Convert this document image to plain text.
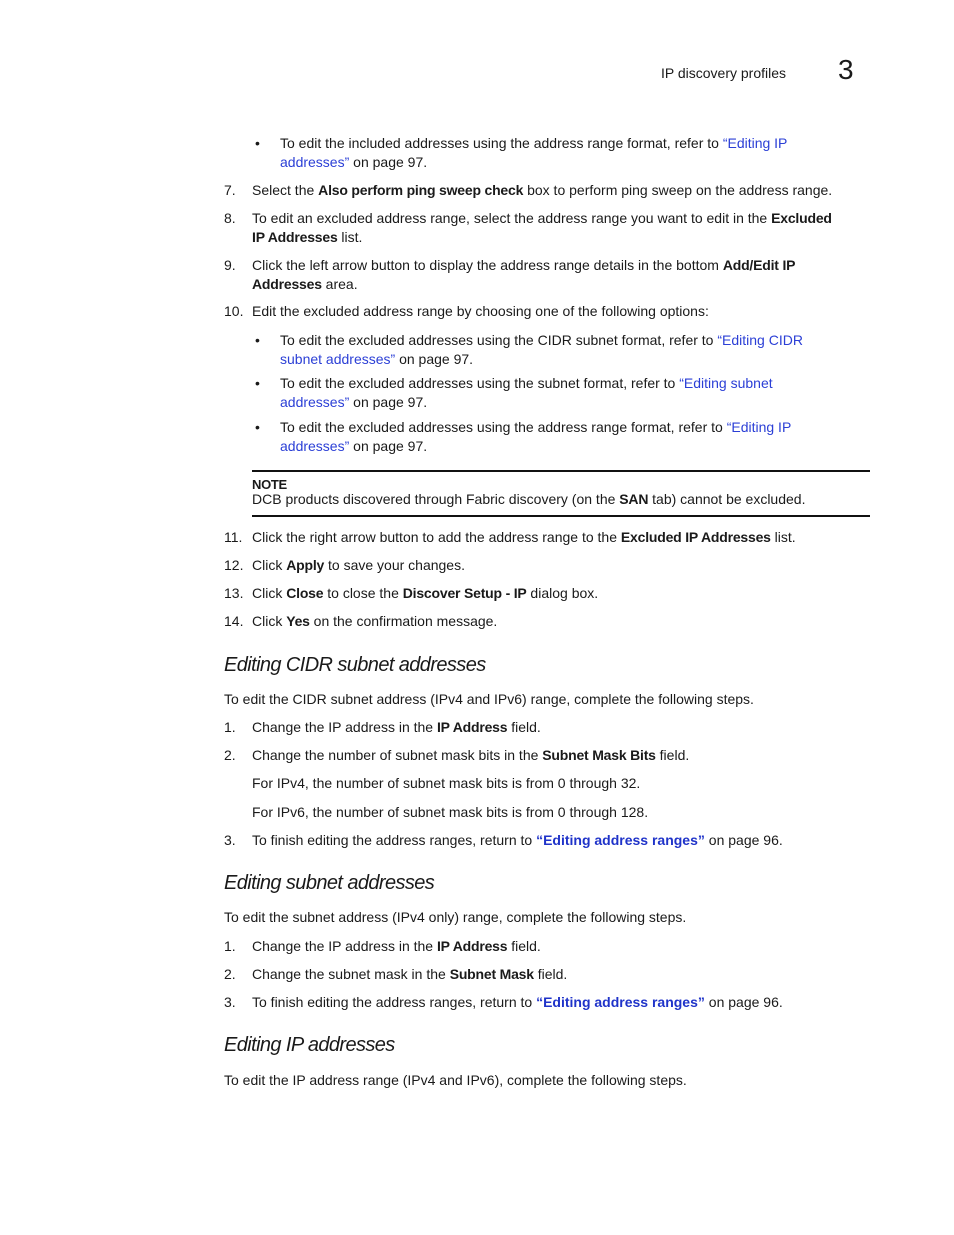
IP discovery profiles 3
• To edit the included addresses using the address range format, refer to “Editing IP
addresses” on page 97.
7. Select the Also perform ping sweep check box to perform ping sweep on the address range.
8. To edit an excluded address range, select the address range you want to edit in the Excluded
IP Addresses list.
9. Click the left arrow button to display the address range details in the bottom Add/Edit IP
Addresses area.
10. Edit the excluded address range by choosing one of the following options:
• To edit the excluded addresses using the CIDR subnet format, refer to “Editing CIDR
subnet addresses” on page 97.
• To edit the excluded addresses using the subnet format, refer to “Editing subnet
addresses” on page 97.
• To edit the excluded addresses using the address range format, refer to “Editing IP
addresses” on page 97.
NOTE
DCB products discovered through Fabric discovery (on the SAN tab) cannot be excluded.
11. Click the right arrow button to add the address range to the Excluded IP Addresses list.
12. Click Apply to save your changes.
13. Click Close to close the Discover Setup - IP dialog box.
14. Click Yes on the confirmation message.
Editing CIDR subnet addresses
To edit the CIDR subnet address (IPv4 and IPv6) range, complete the following steps.
1. Change the IP address in the IP Address field.
2. Change the number of subnet mask bits in the Subnet Mask Bits field.
For IPv4, the number of subnet mask bits is from 0 through 32.
For IPv6, the number of subnet mask bits is from 0 through 128.
3. To finish editing the address ranges, return to “Editing address ranges” on page 96.
Editing subnet addresses
To edit the subnet address (IPv4 only) range, complete the following steps.
1. Change the IP address in the IP Address field.
2. Change the subnet mask in the Subnet Mask field.
3. To finish editing the address ranges, return to “Editing address ranges” on page 96.
Editing IP addresses
To edit the IP address range (IPv4 and IPv6), complete the following steps.
